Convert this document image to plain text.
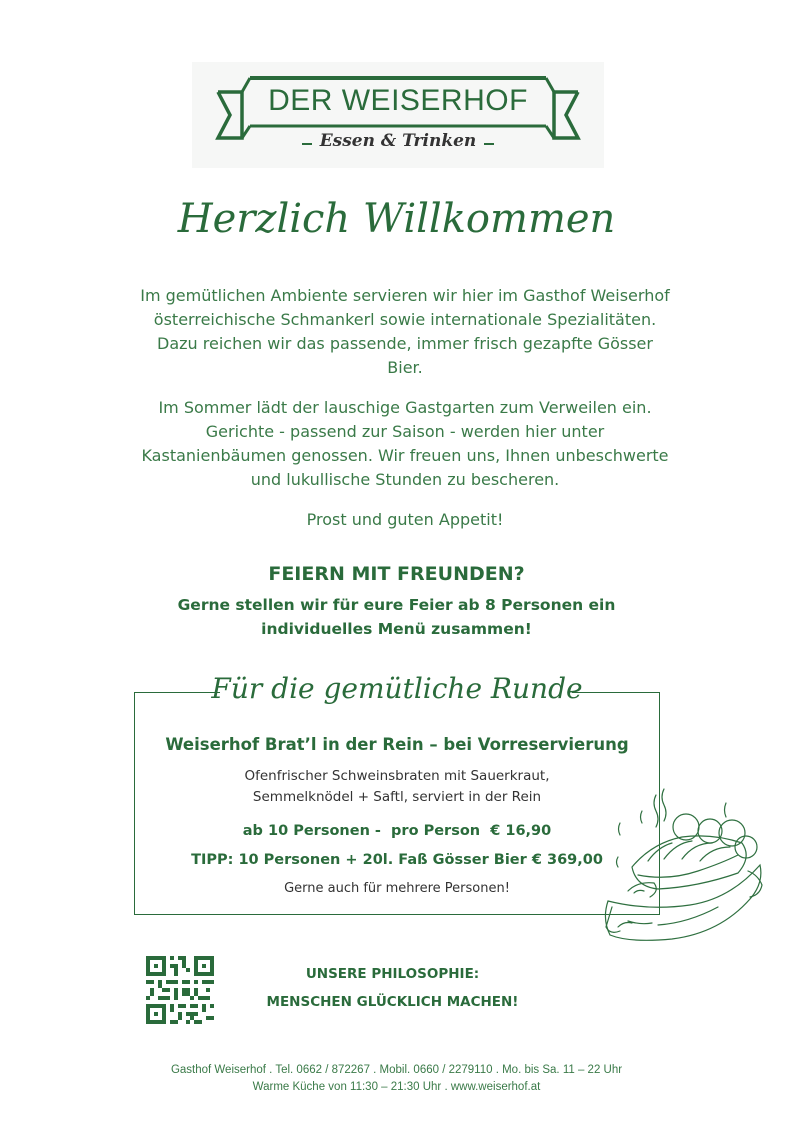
DER WEISERHOF
Essen & Trinken
Herzlich Willkommen
Im gemütlichen Ambiente servieren wir hier im Gasthof Weiserhof österreichische Schmankerl sowie internationale Spezialitäten. Dazu reichen wir das passende, immer frisch gezapfte Gösser Bier.
Im Sommer lädt der lauschige Gastgarten zum Verweilen ein. Gerichte - passend zur Saison - werden hier unter Kastanienbäumen genossen. Wir freuen uns, Ihnen unbeschwerte und lukullische Stunden zu bescheren.
Prost und guten Appetit!
FEIERN MIT FREUNDEN?
Gerne stellen wir für eure Feier ab 8 Personen ein individuelles Menü zusammen!
Für die gemütliche Runde
Weiserhof Brat’l in der Rein – bei Vorreservierung
Ofenfrischer Schweinsbraten mit Sauerkraut, Semmelknödel + Saftl, serviert in der Rein
ab 10 Personen -  pro Person  € 16,90
TIPP: 10 Personen + 20l. Faß Gösser Bier € 369,00
Gerne auch für mehrere Personen!
UNSERE PHILOSOPHIE:
MENSCHEN GLÜCKLICH MACHEN!
Gasthof Weiserhof . Tel. 0662 / 872267 . Mobil. 0660 / 2279110 . Mo. bis Sa. 11 – 22 Uhr
Warme Küche von 11:30 – 21:30 Uhr . www.weiserhof.at
